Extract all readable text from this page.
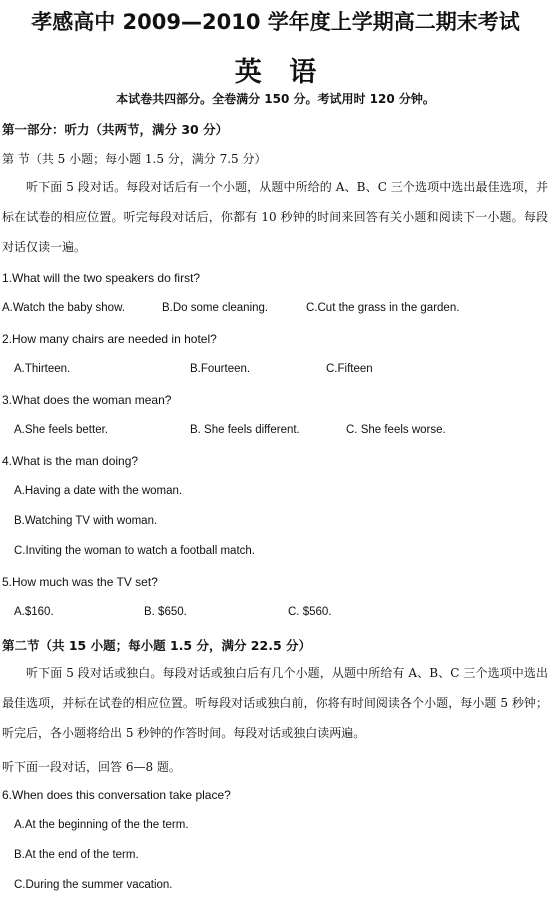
孝感高中 2009—2010 学年度上学期高二期末考试
英 语
本试卷共四部分。全卷满分 150 分。考试用时 120 分钟。
第一部分：听力（共两节，满分 30 分）
第 节（共 5 小题；每小题 1.5 分，满分 7.5 分）
听下面 5 段对话。每段对话后有一个小题，从题中所给的 A、B、C 三个选项中选出最佳选项，并标在试卷的相应位置。听完每段对话后，你都有 10 秒钟的时间来回答有关小题和阅读下一小题。每段对话仅读一遍。
1.What will the two speakers do first?
A.Watch the baby show.	B.Do some cleaning.	C.Cut the grass in the garden.
2.How many chairs are needed in hotel?
A.Thirteen.	B.Fourteen.	C.Fifteen
3.What does the woman mean?
A.She feels better.	B. She feels different.	C. She feels worse.
4.What is the man doing?
A.Having a date with the woman.
B.Watching TV with woman.
C.Inviting the woman to watch a football match.
5.How much was the TV set?
A.$160.	B. $650.	C. $560.
第二节（共 15 小题；每小题 1.5 分，满分 22.5 分）
听下面 5 段对话或独白。每段对话或独白后有几个小题，从题中所给有 A、B、C 三个选项中选出最佳选项，并标在试卷的相应位置。听每段对话或独白前，你将有时间阅读各个小题，每小题 5 秒钟；听完后，各小题将给出 5 秒钟的作答时间。每段对话或独白读两遍。
听下面一段对话，回答 6—8 题。
6.When does this conversation take place?
A.At the beginning of the the term.
B.At the end of the term.
C.During the summer vacation.
